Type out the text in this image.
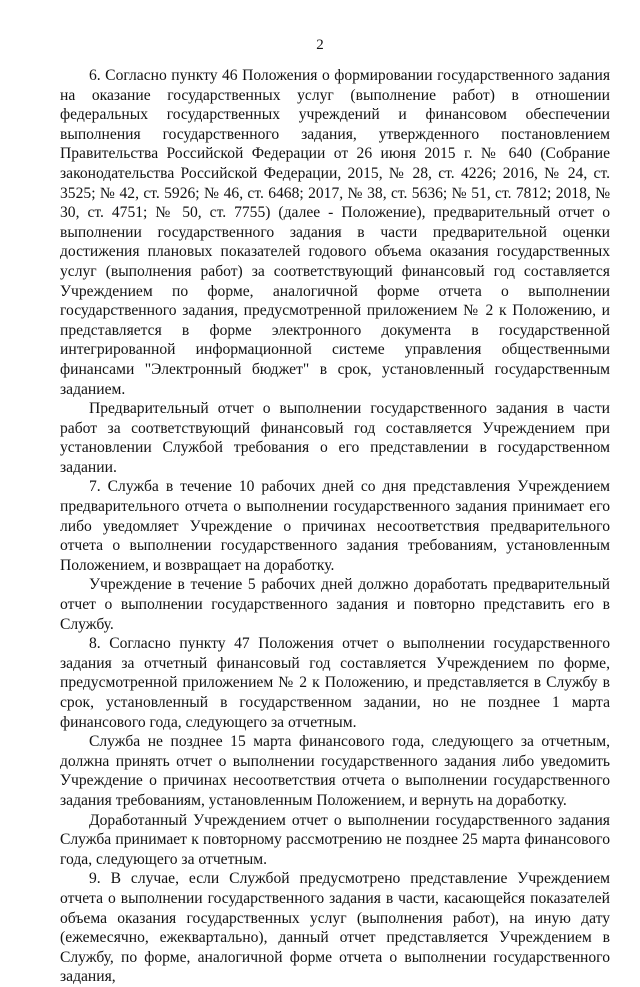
2

6. Согласно пункту 46 Положения о формировании государственного задания на оказание государственных услуг (выполнение работ) в отношении федеральных государственных учреждений и финансовом обеспечении выполнения государственного задания, утвержденного постановлением Правительства Российской Федерации от 26 июня 2015 г. № 640 (Собрание законодательства Российской Федерации, 2015, № 28, ст. 4226; 2016, № 24, ст. 3525; № 42, ст. 5926; № 46, ст. 6468; 2017, № 38, ст. 5636; № 51, ст. 7812; 2018, № 30, ст. 4751; № 50, ст. 7755) (далее - Положение), предварительный отчет о выполнении государственного задания в части предварительной оценки достижения плановых показателей годового объема оказания государственных услуг (выполнения работ) за соответствующий финансовый год составляется Учреждением по форме, аналогичной форме отчета о выполнении государственного задания, предусмотренной приложением № 2 к Положению, и представляется в форме электронного документа в государственной интегрированной информационной системе управления общественными финансами "Электронный бюджет" в срок, установленный государственным заданием.

Предварительный отчет о выполнении государственного задания в части работ за соответствующий финансовый год составляется Учреждением при установлении Службой требования о его представлении в государственном задании.

7. Служба в течение 10 рабочих дней со дня представления Учреждением предварительного отчета о выполнении государственного задания принимает его либо уведомляет Учреждение о причинах несоответствия предварительного отчета о выполнении государственного задания требованиям, установленным Положением, и возвращает на доработку.

Учреждение в течение 5 рабочих дней должно доработать предварительный отчет о выполнении государственного задания и повторно представить его в Службу.

8. Согласно пункту 47 Положения отчет о выполнении государственного задания за отчетный финансовый год составляется Учреждением по форме, предусмотренной приложением № 2 к Положению, и представляется в Службу в срок, установленный в государственном задании, но не позднее 1 марта финансового года, следующего за отчетным.

Служба не позднее 15 марта финансового года, следующего за отчетным, должна принять отчет о выполнении государственного задания либо уведомить Учреждение о причинах несоответствия отчета о выполнении государственного задания требованиям, установленным Положением, и вернуть на доработку.

Доработанный Учреждением отчет о выполнении государственного задания Служба принимает к повторному рассмотрению не позднее 25 марта финансового года, следующего за отчетным.

9. В случае, если Службой предусмотрено представление Учреждением отчета о выполнении государственного задания в части, касающейся показателей объема оказания государственных услуг (выполнения работ), на иную дату (ежемесячно, ежеквартально), данный отчет представляется Учреждением в Службу, по форме, аналогичной форме отчета о выполнении государственного задания,
